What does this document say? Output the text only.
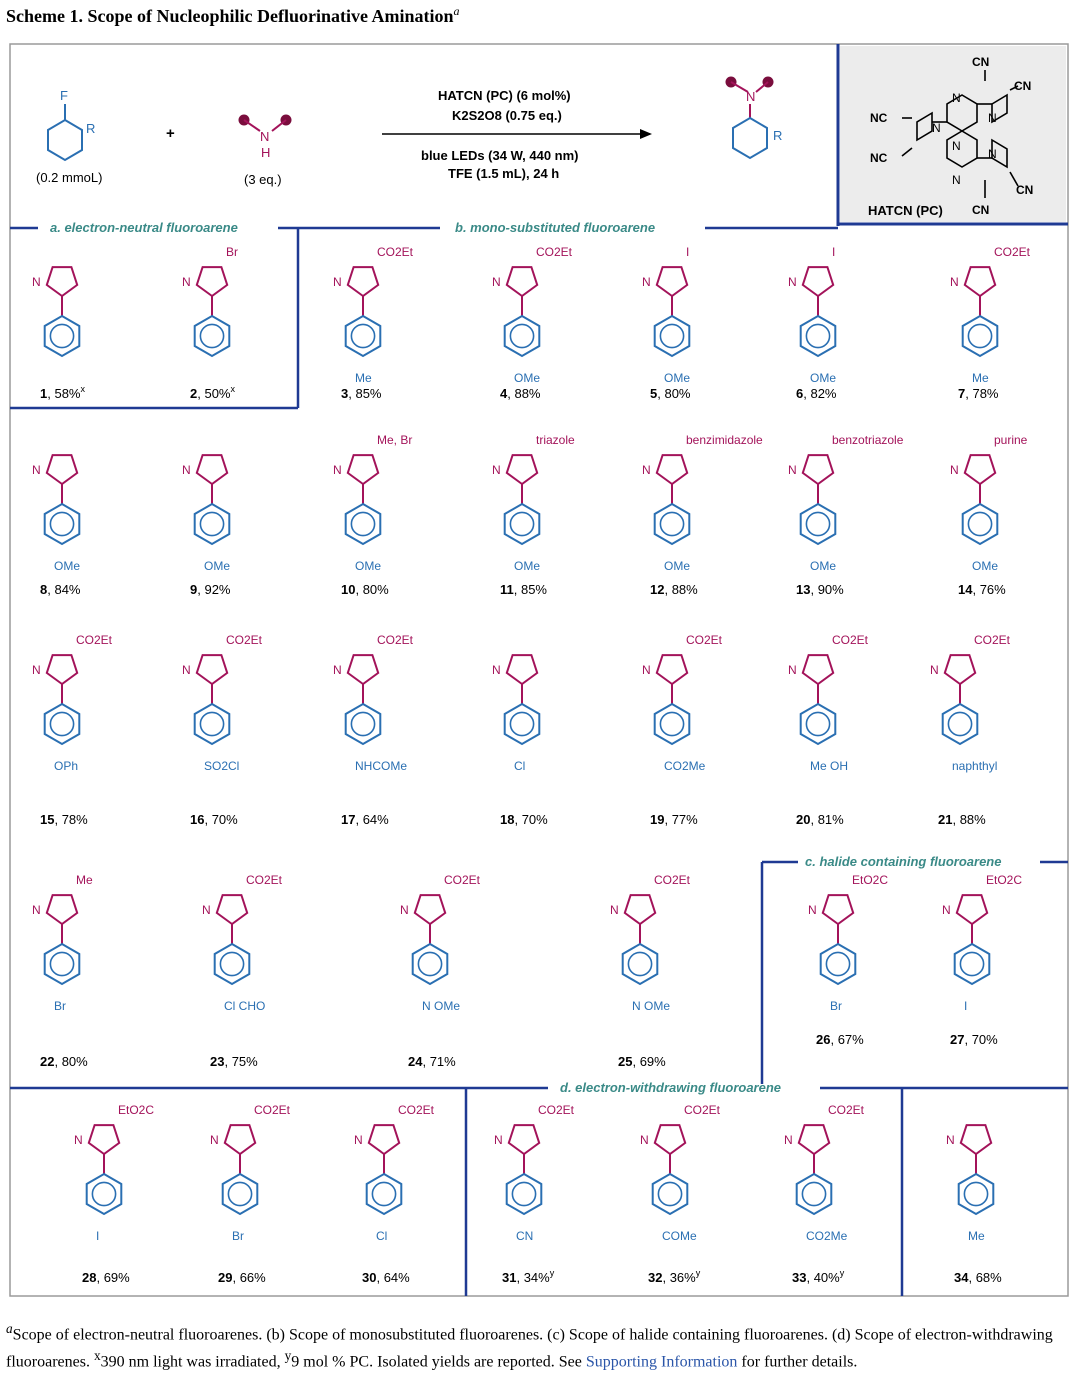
Scheme 1. Scope of Nucleophilic Defluorinative Amination$^a$
a. electron-neutral fluoroarene	b. mono-substituted fluoroarene
c. halide containing fluoroarene
d. electron-withdrawing fluoroarene
F
R
(0.2 mmoL)
+	N
H
(3 eq.)
HATCN (PC) (6 mol%)
K2S2O8 (0.75 eq.)
blue LEDs (34 W, 440 nm)
TFE (1.5 mL), 24 h
N
R
CN
CN
NC
NC
CN
CN
N
N
N
N
N
N
HATCN (PC)
N
1, 58%$^x$
N
Br
2, 50%$^x$
N
CO2Et
Me
3, 85%
N
CO2Et
OMe
4, 88%
N
I
OMe
5, 80%
N
I
OMe
6, 82%
N
CO2Et
Me
7, 78%
N
OMe
8, 84%
N
OMe
9, 92%
N
Me, Br
OMe
10, 80%
N
triazole
OMe
11, 85%
N
benzimidazole
OMe
12, 88%
N
benzotriazole
OMe
13, 90%
N
purine
OMe
14, 76%
N
CO2Et
OPh
15, 78%
N
CO2Et
SO2Cl
16, 70%
N
CO2Et
NHCOMe
17, 64%
N
Cl
18, 70%
N
CO2Et
CO2Me
19, 77%
N
CO2Et
Me OH
20, 81%
N
CO2Et
naphthyl
21, 88%
N
Me
Br
22, 80%
N
CO2Et
Cl CHO
23, 75%
N
CO2Et
N OMe
24, 71%
N
CO2Et
N OMe
25, 69%
N
EtO2C
Br
26, 67%
N
EtO2C
I
27, 70%
N
EtO2C
I
28, 69%
N
CO2Et
Br
29, 66%
N
CO2Et
Cl
30, 64%
N
CO2Et
CN
31, 34%$^y$
N
CO2Et
COMe
32, 36%$^y$
N
CO2Et
CO2Me
33, 40%$^y$
N
Me
34, 68%
$^a$Scope of electron-neutral fluoroarenes. (b) Scope of monosubstituted fluoroarenes. (c) Scope of halide containing fluoroarenes. (d) Scope of electron-withdrawing fluoroarenes. $^x$390 nm light was irradiated, $^y$9 mol % PC. Isolated yields are reported. See Supporting Information for further details.
